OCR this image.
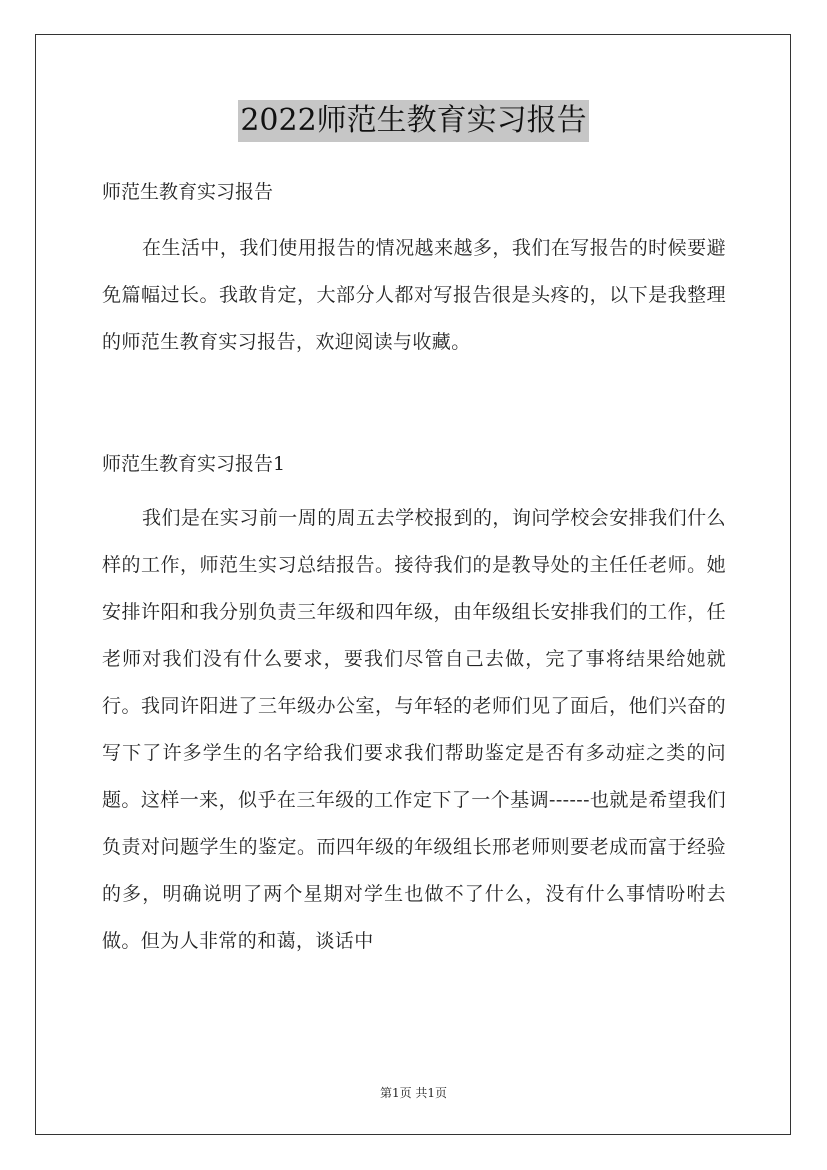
2022师范生教育实习报告
师范生教育实习报告
在生活中，我们使用报告的情况越来越多，我们在写报告的时候要避免篇幅过长。我敢肯定，大部分人都对写报告很是头疼的，以下是我整理的师范生教育实习报告，欢迎阅读与收藏。
师范生教育实习报告1
我们是在实习前一周的周五去学校报到的，询问学校会安排我们什么样的工作，师范生实习总结报告。接待我们的是教导处的主任任老师。她安排许阳和我分别负责三年级和四年级，由年级组长安排我们的工作，任老师对我们没有什么要求，要我们尽管自己去做，完了事将结果给她就行。我同许阳进了三年级办公室，与年轻的老师们见了面后，他们兴奋的写下了许多学生的名字给我们要求我们帮助鉴定是否有多动症之类的问题。这样一来，似乎在三年级的工作定下了一个基调------也就是希望我们负责对问题学生的鉴定。而四年级的年级组长邢老师则要老成而富于经验的多，明确说明了两个星期对学生也做不了什么，没有什么事情吩咐去做。但为人非常的和蔼，谈话中
第1页 共1页
